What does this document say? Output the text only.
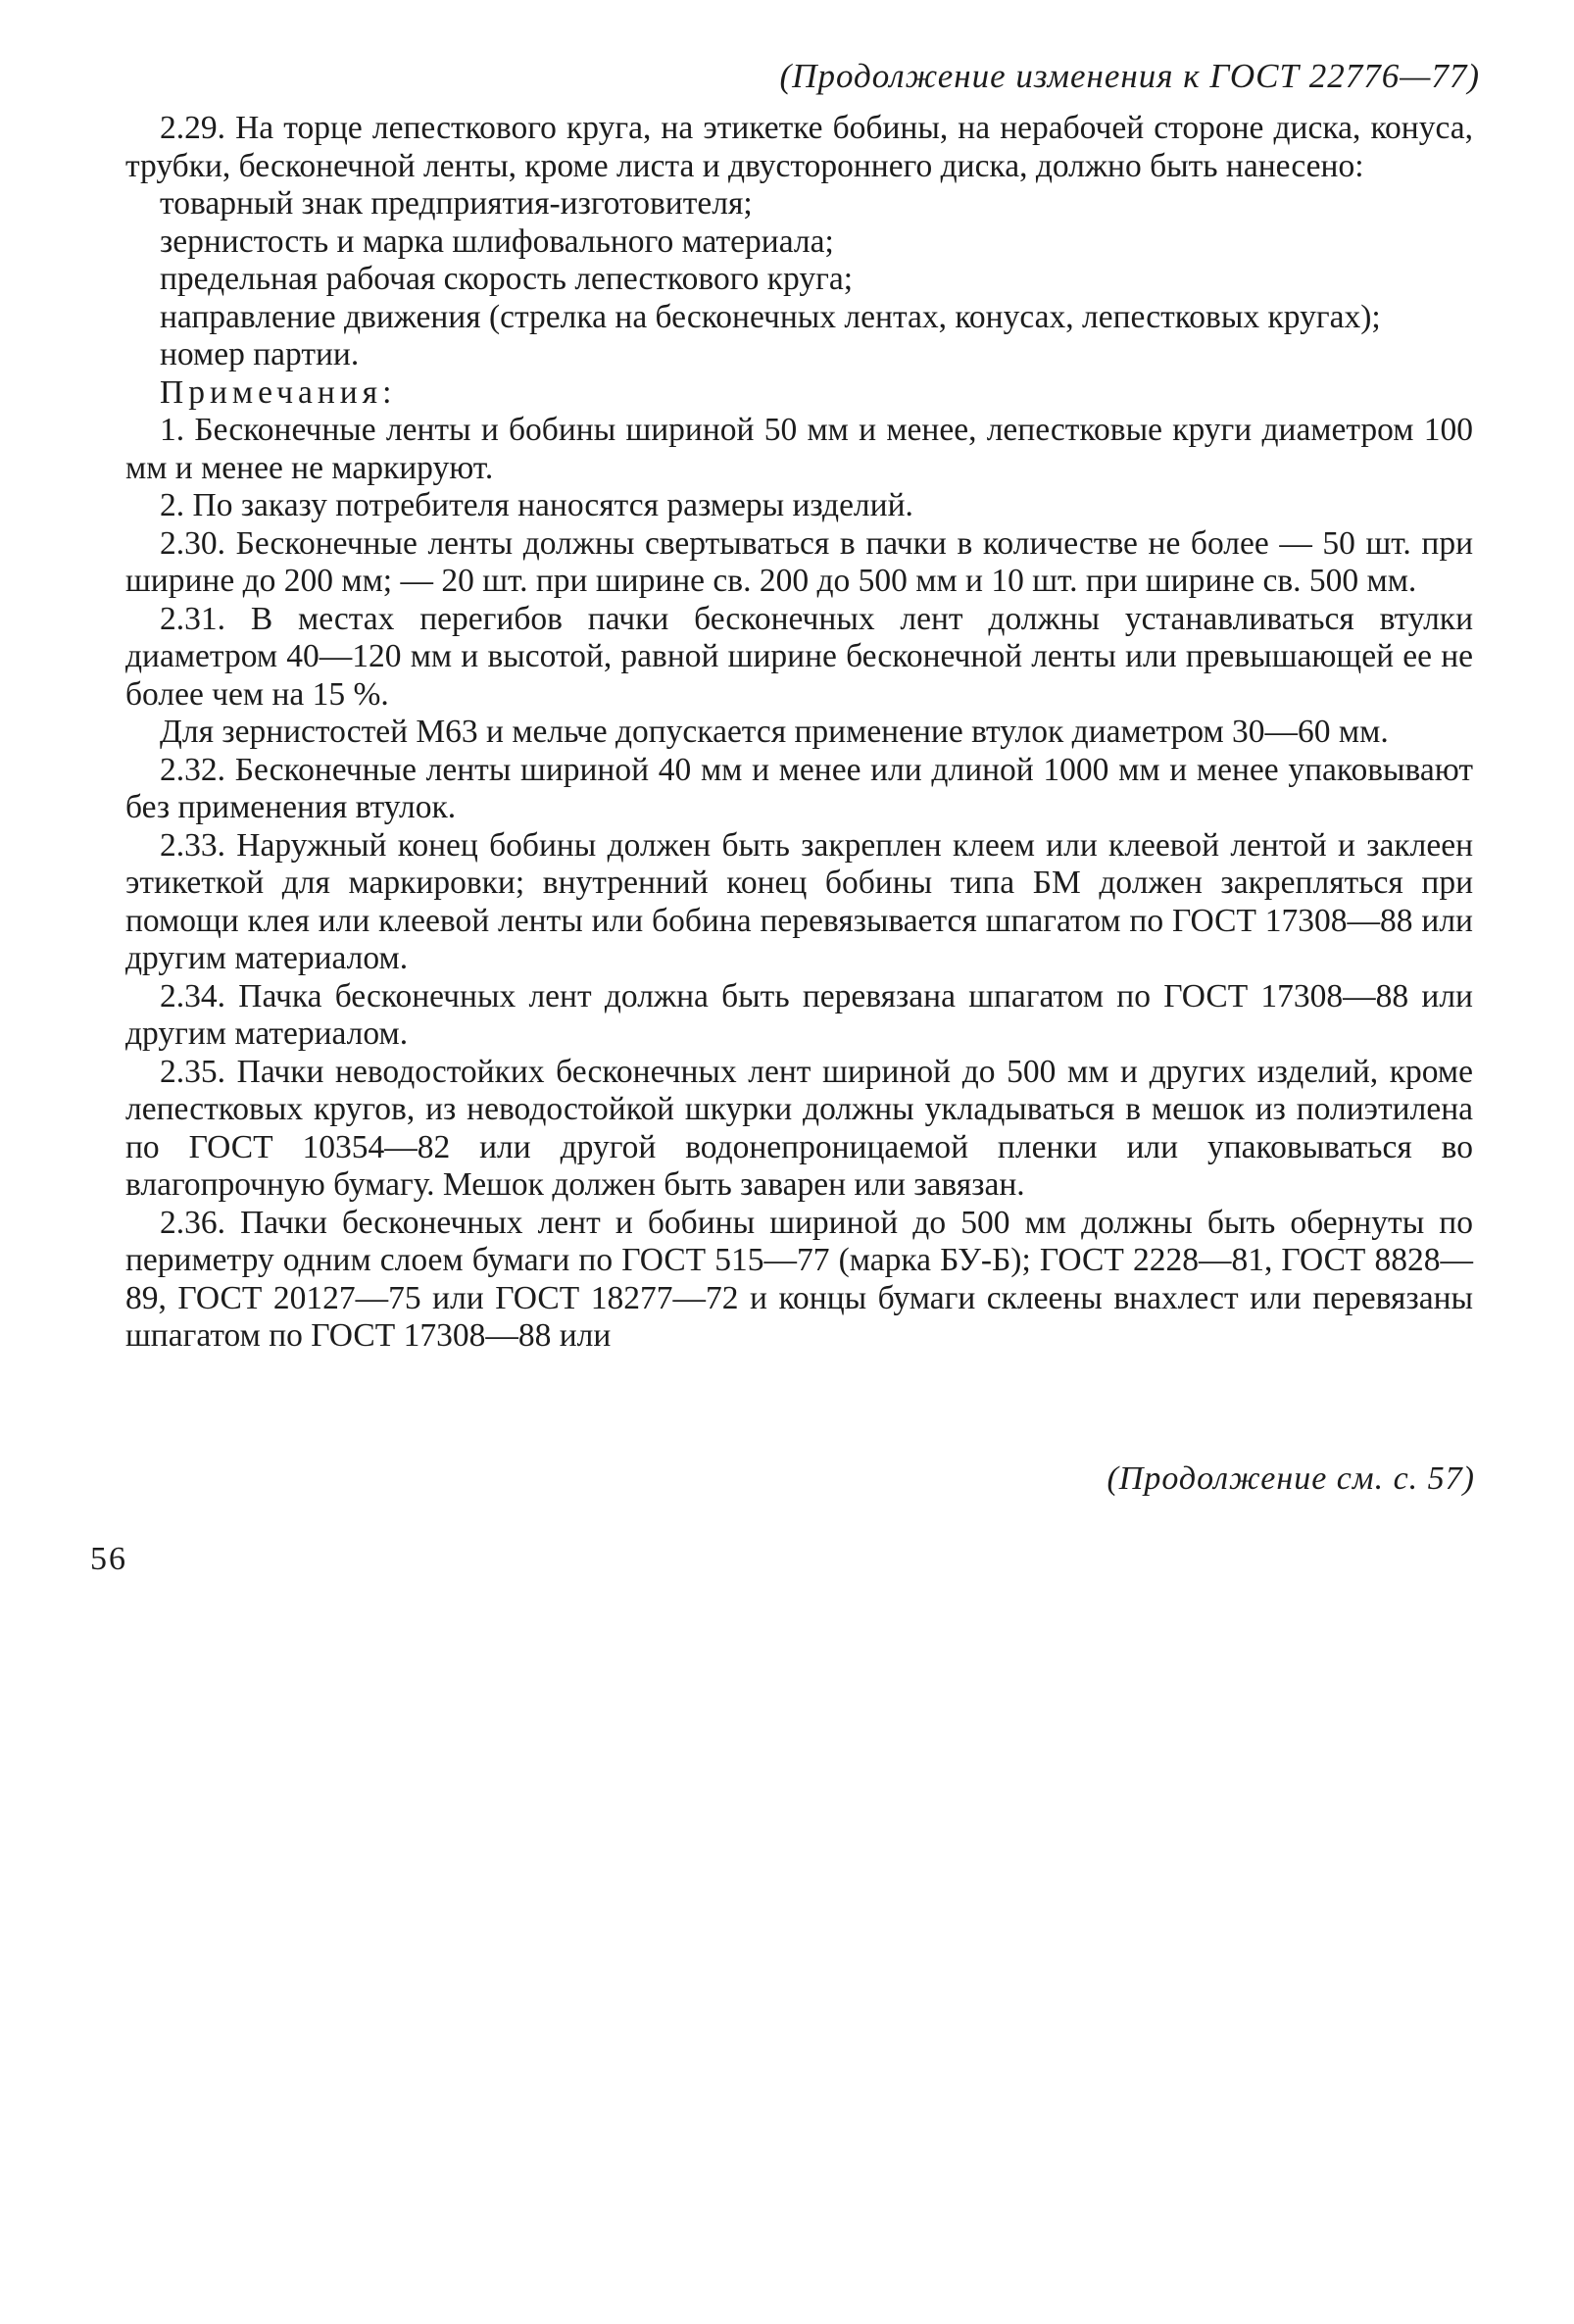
(Продолжение изменения к ГОСТ 22776—77)

2.29. На торце лепесткового круга, на этикетке бобины, на нерабочей стороне диска, конуса, трубки, бесконечной ленты, кроме листа и двустороннего диска, должно быть нанесено:

товарный знак предприятия-изготовителя;

зернистость и марка шлифовального материала;

предельная рабочая скорость лепесткового круга;

направление движения (стрелка на бесконечных лентах, конусах, лепестковых кругах);

номер партии.

Примечания:

1. Бесконечные ленты и бобины шириной 50 мм и менее, лепестковые круги диаметром 100 мм и менее не маркируют.

2. По заказу потребителя наносятся размеры изделий.

2.30. Бесконечные ленты должны свертываться в пачки в количестве не более — 50 шт. при ширине до 200 мм; — 20 шт. при ширине св. 200 до 500 мм и 10 шт. при ширине св. 500 мм.

2.31. В местах перегибов пачки бесконечных лент должны устанавливаться втулки диаметром 40—120 мм и высотой, равной ширине бесконечной ленты или превышающей ее не более чем на 15 %.

Для зернистостей М63 и мельче допускается применение втулок диаметром 30—60 мм.

2.32. Бесконечные ленты шириной 40 мм и менее или длиной 1000 мм и менее упаковывают без применения втулок.

2.33. Наружный конец бобины должен быть закреплен клеем или клеевой лентой и заклеен этикеткой для маркировки; внутренний конец бобины типа БМ должен закрепляться при помощи клея или клеевой ленты или бобина перевязывается шпагатом по ГОСТ 17308—88 или другим материалом.

2.34. Пачка бесконечных лент должна быть перевязана шпагатом по ГОСТ 17308—88 или другим материалом.

2.35. Пачки неводостойких бесконечных лент шириной до 500 мм и других изделий, кроме лепестковых кругов, из неводостойкой шкурки должны укладываться в мешок из полиэтилена по ГОСТ 10354—82 или другой водонепроницаемой пленки или упаковываться во влагопрочную бумагу. Мешок должен быть заварен или завязан.

2.36. Пачки бесконечных лент и бобины шириной до 500 мм должны быть обернуты по периметру одним слоем бумаги по ГОСТ 515—77 (марка БУ-Б); ГОСТ 2228—81, ГОСТ 8828—89, ГОСТ 20127—75 или ГОСТ 18277—72 и концы бумаги склеены внахлест или перевязаны шпагатом по ГОСТ 17308—88 или

(Продолжение см. с. 57)
56
